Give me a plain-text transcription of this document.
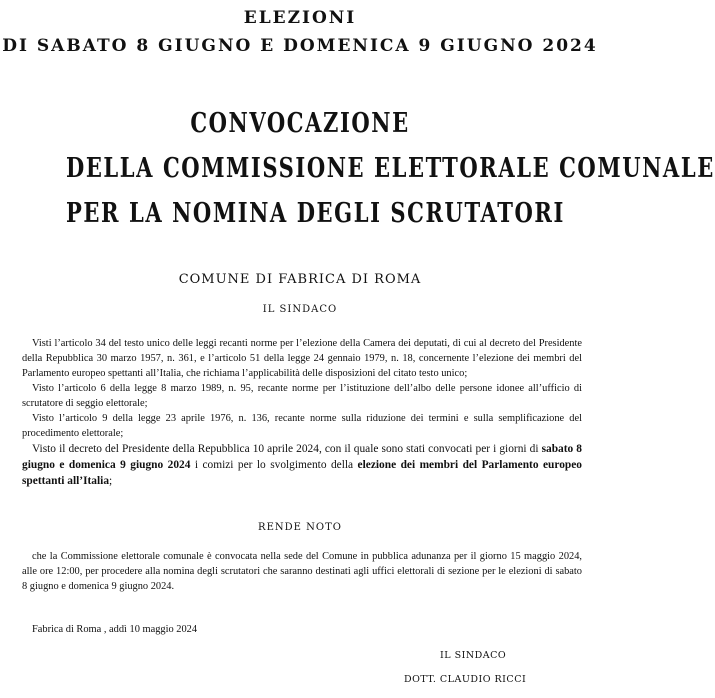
ELEZIONI
DI SABATO 8 GIUGNO E DOMENICA 9 GIUGNO 2024
CONVOCAZIONE
DELLA COMMISSIONE ELETTORALE COMUNALE
PER LA NOMINA DEGLI SCRUTATORI
COMUNE DI FABRICA DI ROMA
IL SINDACO

Visti l’articolo 34 del testo unico delle leggi recanti norme per l’elezione della Camera dei deputati, di cui al decreto del Presidente della Repubblica 30 marzo 1957, n. 361, e l’articolo 51 della legge 24 gennaio 1979, n. 18, concernente l’elezione dei membri del Parlamento europeo spettanti all’Italia, che richiama l’applicabilità delle disposizioni del citato testo unico;

Visto l’articolo 6 della legge 8 marzo 1989, n. 95, recante norme per l’istituzione dell’albo delle persone idonee all’ufficio di scrutatore di seggio elettorale;

Visto l’articolo 9 della legge 23 aprile 1976, n. 136, recante norme sulla riduzione dei termini e sulla semplificazione del procedimento elettorale;

Visto il decreto del Presidente della Repubblica 10 aprile 2024, con il quale sono stati convocati per i giorni di sabato 8 giugno e domenica 9 giugno 2024 i comizi per lo svolgimento della elezione dei membri del Parlamento europeo spettanti all’Italia;

RENDE NOTO

che la Commissione elettorale comunale è convocata nella sede del Comune in pubblica adunanza per il giorno 15 maggio 2024, alle ore 12:00, per procedere alla nomina degli scrutatori che saranno destinati agli uffici elettorali di sezione per le elezioni di sabato 8 giugno e domenica 9 giugno 2024.

Fabrica di Roma , addì 10 maggio 2024
IL SINDACO
DOTT. CLAUDIO RICCI
